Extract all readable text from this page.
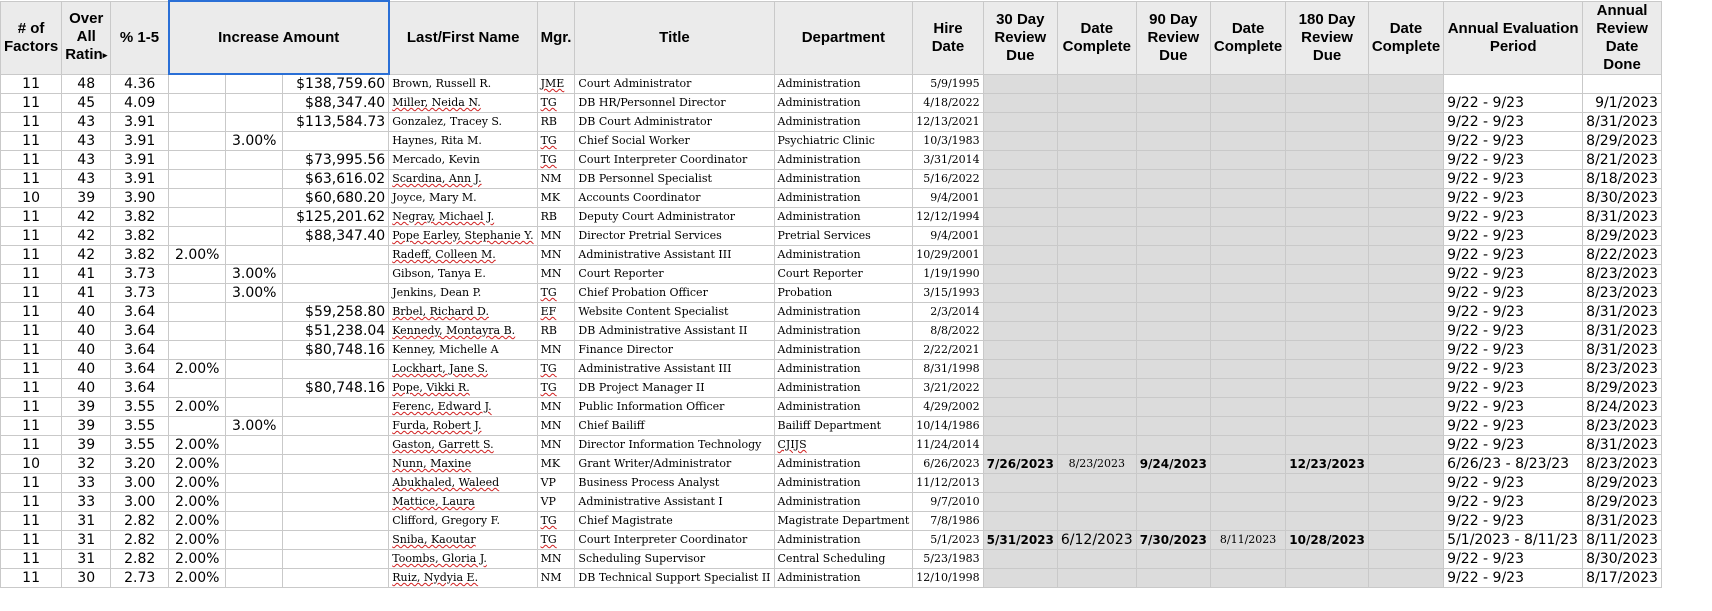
# of Factors	Over All Ratin▸	% 1-5	Increase Amount			Last/First Name	Mgr.	Title	Department	Hire Date	30 Day Review Due	Date Complete	90 Day Review Due	Date Complete	180 Day Review Due	Date Complete	Annual Evaluation Period	Annual Review Date Done
11	48	4.36			$138,759.60	Brown, Russell R.	JME	Court Administrator	Administration	5/9/1995								
11	45	4.09			$88,347.40	Miller, Neida N.	TG	DB HR/Personnel Director	Administration	4/18/2022							9/22 - 9/23	9/1/2023
11	43	3.91			$113,584.73	Gonzalez, Tracey S.	RB	DB Court Administrator	Administration	12/13/2021							9/22 - 9/23	8/31/2023
11	43	3.91		3.00%		Haynes, Rita M.	TG	Chief Social Worker	Psychiatric Clinic	10/3/1983							9/22 - 9/23	8/29/2023
11	43	3.91			$73,995.56	Mercado, Kevin	TG	Court Interpreter Coordinator	Administration	3/31/2014							9/22 - 9/23	8/21/2023
11	43	3.91			$63,616.02	Scardina, Ann J.	NM	DB Personnel Specialist	Administration	5/16/2022							9/22 - 9/23	8/18/2023
10	39	3.90			$60,680.20	Joyce, Mary M.	MK	Accounts Coordinator	Administration	9/4/2001							9/22 - 9/23	8/30/2023
11	42	3.82			$125,201.62	Negray, Michael J.	RB	Deputy Court Administrator	Administration	12/12/1994							9/22 - 9/23	8/31/2023
11	42	3.82			$88,347.40	Pope Earley, Stephanie Y.	MN	Director Pretrial Services	Pretrial Services	9/4/2001							9/22 - 9/23	8/29/2023
11	42	3.82	2.00%			Radeff, Colleen M.	MN	Administrative Assistant III	Administration	10/29/2001							9/22 - 9/23	8/22/2023
11	41	3.73		3.00%		Gibson, Tanya E.	MN	Court Reporter	Court Reporter	1/19/1990							9/22 - 9/23	8/23/2023
11	41	3.73		3.00%		Jenkins, Dean P.	TG	Chief Probation Officer	Probation	3/15/1993							9/22 - 9/23	8/23/2023
11	40	3.64			$59,258.80	Brbel, Richard D.	EF	Website Content Specialist	Administration	2/3/2014							9/22 - 9/23	8/31/2023
11	40	3.64			$51,238.04	Kennedy, Montayra B.	RB	DB Administrative Assistant II	Administration	8/8/2022							9/22 - 9/23	8/31/2023
11	40	3.64			$80,748.16	Kenney, Michelle A	MN	Finance Director	Administration	2/22/2021							9/22 - 9/23	8/31/2023
11	40	3.64	2.00%			Lockhart, Jane S.	TG	Administrative Assistant III	Administration	8/31/1998							9/22 - 9/23	8/23/2023
11	40	3.64			$80,748.16	Pope, Vikki R.	TG	DB Project Manager II	Administration	3/21/2022							9/22 - 9/23	8/29/2023
11	39	3.55	2.00%			Ferenc, Edward J.	MN	Public Information Officer	Administration	4/29/2002							9/22 - 9/23	8/24/2023
11	39	3.55		3.00%		Furda, Robert J.	MN	Chief Bailiff	Bailiff Department	10/14/1986							9/22 - 9/23	8/23/2023
11	39	3.55	2.00%			Gaston, Garrett S.	MN	Director Information Technology	CJIJS	11/24/2014							9/22 - 9/23	8/31/2023
10	32	3.20	2.00%			Nunn, Maxine	MK	Grant Writer/Administrator	Administration	6/26/2023	7/26/2023	8/23/2023	9/24/2023		12/23/2023		6/26/23 - 8/23/23	8/23/2023
11	33	3.00	2.00%			Abukhaled, Waleed	VP	Business Process Analyst	Administration	11/12/2013							9/22 - 9/23	8/29/2023
11	33	3.00	2.00%			Mattice, Laura	VP	Administrative Assistant I	Administration	9/7/2010							9/22 - 9/23	8/29/2023
11	31	2.82	2.00%			Clifford, Gregory F.	TG	Chief Magistrate	Magistrate Department	7/8/1986							9/22 - 9/23	8/31/2023
11	31	2.82	2.00%			Sniba, Kaoutar	TG	Court Interpreter Coordinator	Administration	5/1/2023	5/31/2023	6/12/2023	7/30/2023	8/11/2023	10/28/2023		5/1/2023 - 8/11/23	8/11/2023
11	31	2.82	2.00%			Toombs, Gloria J.	MN	Scheduling Supervisor	Central Scheduling	5/23/1983							9/22 - 9/23	8/30/2023
11	30	2.73	2.00%			Ruiz, Nydyia E.	NM	DB Technical Support Specialist II	Administration	12/10/1998							9/22 - 9/23	8/17/2023
